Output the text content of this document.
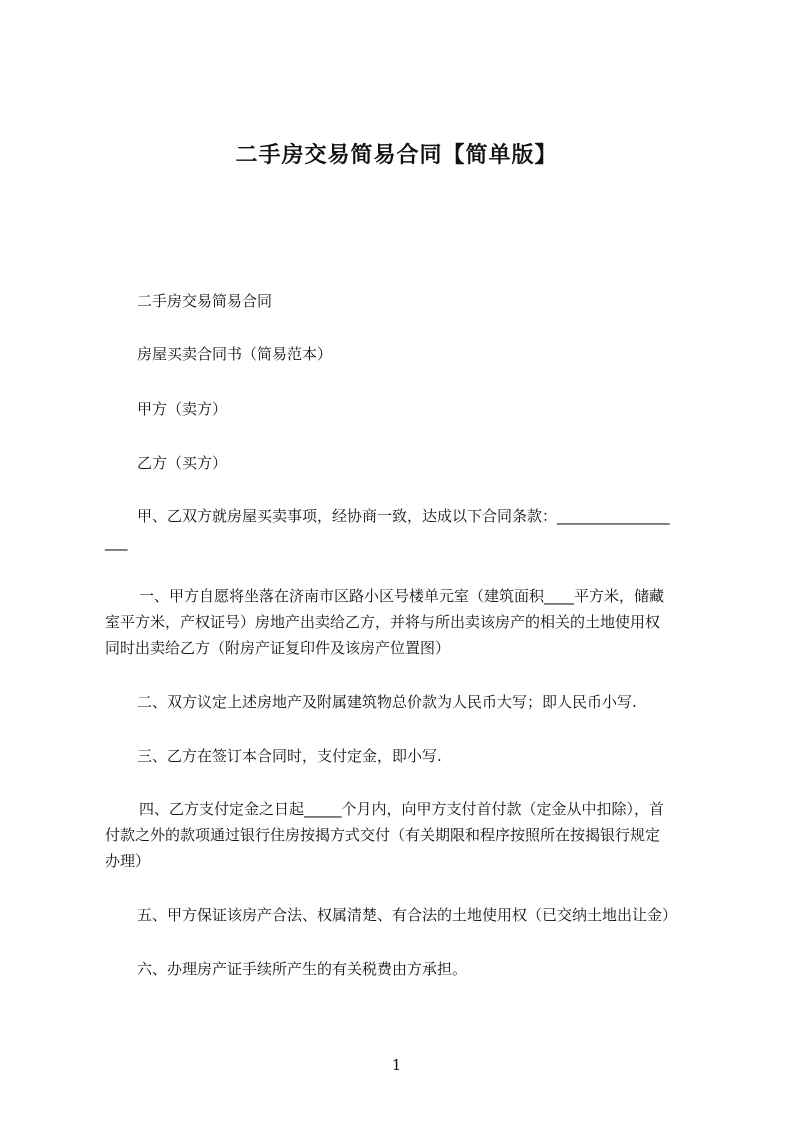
二手房交易简易合同【简单版】
二手房交易简易合同
房屋买卖合同书（简易范本）
甲方（卖方）
乙方（买方）
甲、乙双方就房屋买卖事项，经协商一致，达成以下合同条款：_______________
___
一、甲方自愿将坐落在济南市区路小区号楼单元室（建筑面积____平方米，储藏
室平方米，产权证号）房地产出卖给乙方，并将与所出卖该房产的相关的土地使用权
同时出卖给乙方（附房产证复印件及该房产位置图）
二、双方议定上述房地产及附属建筑物总价款为人民币大写；即人民币小写.
三、乙方在签订本合同时，支付定金，即小写.
四、乙方支付定金之日起_____个月内，向甲方支付首付款（定金从中扣除），首
付款之外的款项通过银行住房按揭方式交付（有关期限和程序按照所在按揭银行规定
办理）
五、甲方保证该房产合法、权属清楚、有合法的土地使用权（已交纳土地出让金）
六、办理房产证手续所产生的有关税费由方承担。
1
